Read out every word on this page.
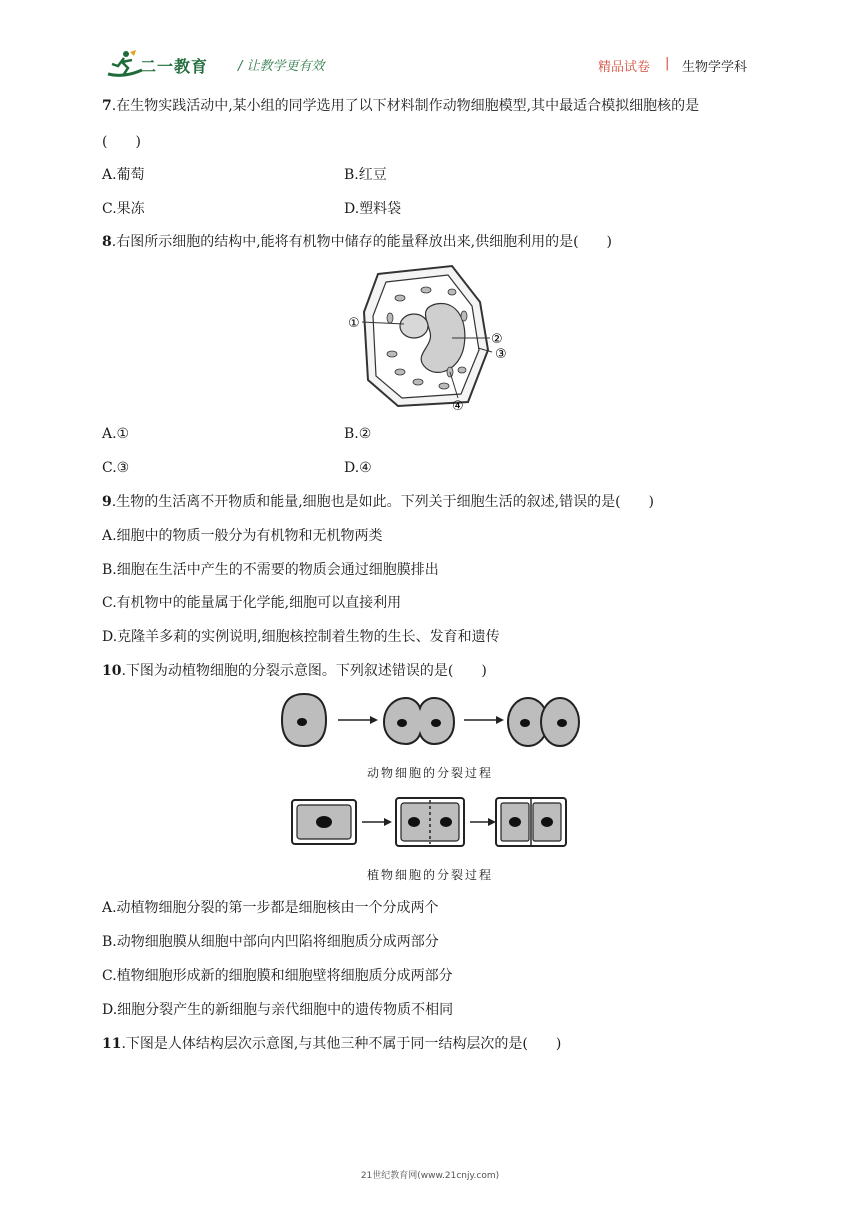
二一教育 / 让教学更有效	精品试卷 | 生物学学科
7.在生物实践活动中,某小组的同学选用了以下材料制作动物细胞模型,其中最适合模拟细胞核的是
(　　)
A.葡萄	B.红豆
C.果冻	D.塑料袋
8.右图所示细胞的结构中,能将有机物中储存的能量释放出来,供细胞利用的是(　　)
①
②
③
④
A.①	B.②
C.③	D.④
9.生物的生活离不开物质和能量,细胞也是如此。下列关于细胞生活的叙述,错误的是(　　)
A.细胞中的物质一般分为有机物和无机物两类
B.细胞在生活中产生的不需要的物质会通过细胞膜排出
C.有机物中的能量属于化学能,细胞可以直接利用
D.克隆羊多莉的实例说明,细胞核控制着生物的生长、发育和遗传
10.下图为动植物细胞的分裂示意图。下列叙述错误的是(　　)
动物细胞的分裂过程
植物细胞的分裂过程
A.动植物细胞分裂的第一步都是细胞核由一个分成两个
B.动物细胞膜从细胞中部向内凹陷将细胞质分成两部分
C.植物细胞形成新的细胞膜和细胞壁将细胞质分成两部分
D.细胞分裂产生的新细胞与亲代细胞中的遗传物质不相同
11.下图是人体结构层次示意图,与其他三种不属于同一结构层次的是(　　)
21世纪教育网(www.21cnjy.com)
